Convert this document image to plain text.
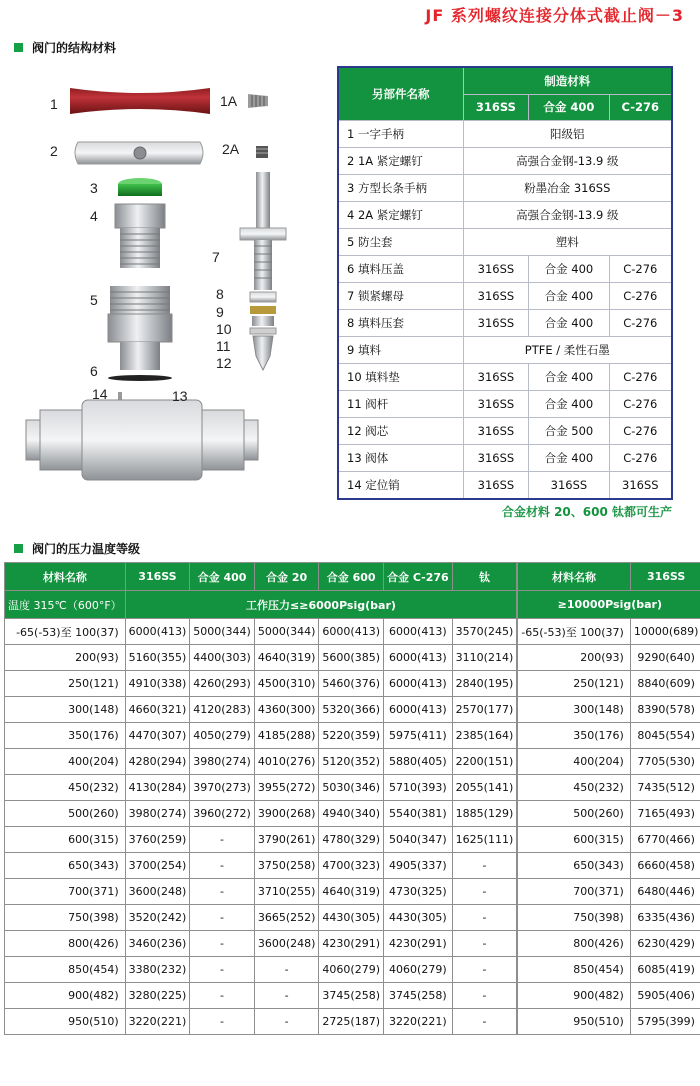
JF 系列螺纹连接分体式截止阀－3
阀门的结构材料
1	1A
2	2A
3
4
5
6
7
8
9
10
11
12
14	13
另部件名称	制造材料		
	316SS	合金 400	C-276
1 一字手柄	阳级铝		
2 1A 紧定螺钉	高强合金钢-13.9 级		
3 方型长条手柄	粉墨冶金 316SS		
4 2A 紧定螺钉	高强合金钢-13.9 级		
5 防尘套	塑料		
6 填料压盖	316SS	合金 400	C-276
7 锁紧螺母	316SS	合金 400	C-276
8 填料压套	316SS	合金 400	C-276
9 填料	PTFE / 柔性石墨		
10 填料垫	316SS	合金 400	C-276
11 阀杆	316SS	合金 400	C-276
12 阀芯	316SS	合金 500	C-276
13 阀体	316SS	合金 400	C-276
14 定位销	316SS	316SS	316SS
合金材料 20、600 钛都可生产
阀门的压力温度等级
材料名称	316SS	合金 400	合金 20	合金 600	合金 C-276	钛		材料名称	316SS
温度 315℃（600°F）	工作压力≤≥6000Psig(bar)						≥10000Psig(bar)	
-65(-53)至 100(37)	6000(413)	5000(344)	5000(344)	6000(413)	6000(413)	3570(245)		-65(-53)至 100(37)	10000(689)
200(93)	5160(355)	4400(303)	4640(319)	5600(385)	6000(413)	3110(214)		200(93)	9290(640)
250(121)	4910(338)	4260(293)	4500(310)	5460(376)	6000(413)	2840(195)		250(121)	8840(609)
300(148)	4660(321)	4120(283)	4360(300)	5320(366)	6000(413)	2570(177)		300(148)	8390(578)
350(176)	4470(307)	4050(279)	4185(288)	5220(359)	5975(411)	2385(164)		350(176)	8045(554)
400(204)	4280(294)	3980(274)	4010(276)	5120(352)	5880(405)	2200(151)		400(204)	7705(530)
450(232)	4130(284)	3970(273)	3955(272)	5030(346)	5710(393)	2055(141)		450(232)	7435(512)
500(260)	3980(274)	3960(272)	3900(268)	4940(340)	5540(381)	1885(129)		500(260)	7165(493)
600(315)	3760(259)	-	3790(261)	4780(329)	5040(347)	1625(111)		600(315)	6770(466)
650(343)	3700(254)	-	3750(258)	4700(323)	4905(337)	-		650(343)	6660(458)
700(371)	3600(248)	-	3710(255)	4640(319)	4730(325)	-		700(371)	6480(446)
750(398)	3520(242)	-	3665(252)	4430(305)	4430(305)	-		750(398)	6335(436)
800(426)	3460(236)	-	3600(248)	4230(291)	4230(291)	-		800(426)	6230(429)
850(454)	3380(232)	-	-	4060(279)	4060(279)	-		850(454)	6085(419)
900(482)	3280(225)	-	-	3745(258)	3745(258)	-		900(482)	5905(406)
950(510)	3220(221)	-	-	2725(187)	3220(221)	-		950(510)	5795(399)
